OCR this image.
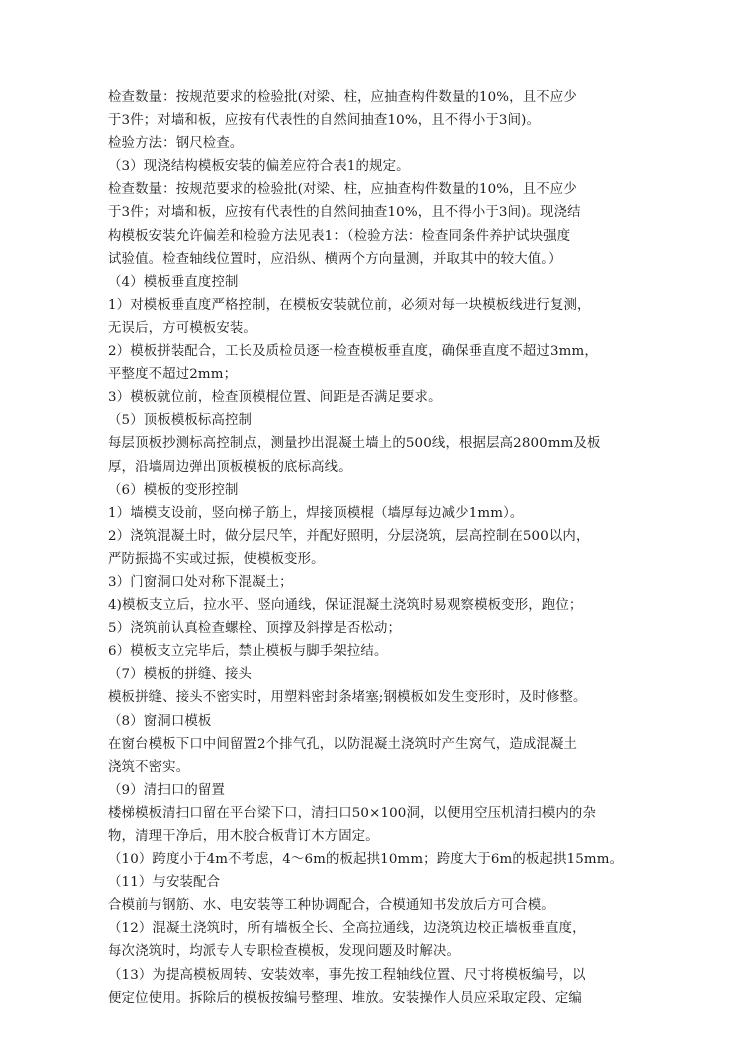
检查数量：按规范要求的检验批(对梁、柱，应抽查构件数量的10%，且不应少
于3件；对墙和板，应按有代表性的自然间抽查10%，且不得小于3间)。
检验方法：钢尺检查。
（3）现浇结构模板安装的偏差应符合表1的规定。
检查数量：按规范要求的检验批(对梁、柱，应抽查构件数量的10%，且不应少
于3件；对墙和板，应按有代表性的自然间抽查10%，且不得小于3间)。现浇结
构模板安装允许偏差和检验方法见表1：（检验方法：检查同条件养护试块强度
试验值。检查轴线位置时，应沿纵、横两个方向量测，并取其中的较大值。）
（4）模板垂直度控制
1）对模板垂直度严格控制，在模板安装就位前，必须对每一块模板线进行复测，
无误后，方可模板安装。
2）模板拼装配合，工长及质检员逐一检查模板垂直度，确保垂直度不超过3mm，
平整度不超过2mm；
3）模板就位前，检查顶模棍位置、间距是否满足要求。
（5）顶板模板标高控制
每层顶板抄测标高控制点，测量抄出混凝土墙上的500线，根据层高2800mm及板
厚，沿墙周边弹出顶板模板的底标高线。
（6）模板的变形控制
1）墙模支设前，竖向梯子筋上，焊接顶模棍（墙厚每边减少1mm）。
2）浇筑混凝土时，做分层尺竿，并配好照明，分层浇筑，层高控制在500以内，
严防振捣不实或过振，使模板变形。
3）门窗洞口处对称下混凝土；
4)模板支立后，拉水平、竖向通线，保证混凝土浇筑时易观察模板变形，跑位；
5）浇筑前认真检查螺栓、顶撑及斜撑是否松动；
6）模板支立完毕后，禁止模板与脚手架拉结。
（7）模板的拼缝、接头
模板拼缝、接头不密实时，用塑料密封条堵塞;钢模板如发生变形时，及时修整。
（8）窗洞口模板
在窗台模板下口中间留置2个排气孔，以防混凝土浇筑时产生窝气，造成混凝土
浇筑不密实。
（9）清扫口的留置
楼梯模板清扫口留在平台梁下口，清扫口50×100洞，以便用空压机清扫模内的杂
物，清理干净后，用木胶合板背订木方固定。
（10）跨度小于4m不考虑，4～6m的板起拱10mm；跨度大于6m的板起拱15mm。
（11）与安装配合
合模前与钢筋、水、电安装等工种协调配合，合模通知书发放后方可合模。
（12）混凝土浇筑时，所有墙板全长、全高拉通线，边浇筑边校正墙板垂直度，
每次浇筑时，均派专人专职检查模板，发现问题及时解决。
（13）为提高模板周转、安装效率，事先按工程轴线位置、尺寸将模板编号，以
便定位使用。拆除后的模板按编号整理、堆放。安装操作人员应采取定段、定编
